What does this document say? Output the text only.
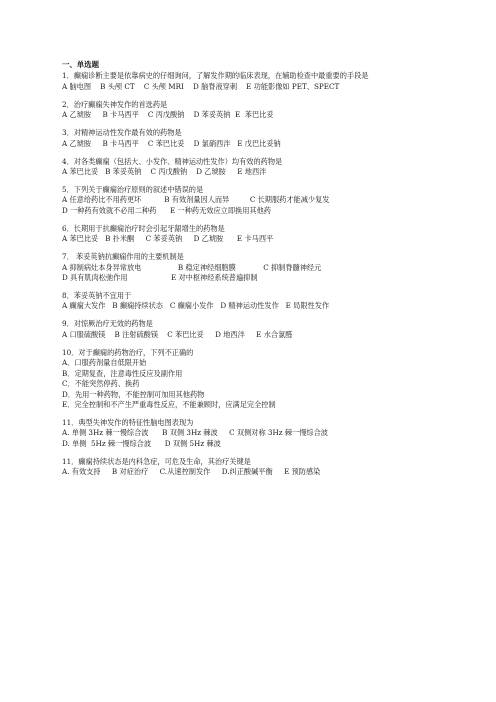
一、单选题
1．癫痫诊断主要是依靠病史的仔细询问，了解发作期的临床表现，在辅助检查中最重要的手段是
A 脑电图    B 头颅 CT    C 头颅 MRI    D 脑脊液穿刺    E 功能影像如 PET、SPECT
2．治疗癫痫失神发作的首选药是
A 乙琥胺     B 卡马西平    C 丙戊酸钠    D 苯妥英钠  E  苯巴比妥
3．对精神运动性发作最有效的药物是
A 乙琥胺     B 卡马西平    C 苯巴比妥    D 氯硝西泮   E 戊巴比妥钠
4．对各类癫痫（包括大、小发作、精神运动性发作）均有效的药物是
A 苯巴比妥   B 苯妥英钠    C 丙戊酸钠    D 乙琥胺     E 地西泮
5．下列关于癫痫治疗原则的叙述中错误的是
A 任意给药比不用药更坏          B 有效剂量因人而异         C 长期服药才能减少复发
D 一种药有效就不必用二种药      E 一种药无效应立即换用其他药
6．长期用于抗癫痫治疗时会引起牙龈增生的药物是
A 苯巴比妥   B 扑米酮     C 苯妥英钠     D 乙琥胺      E 卡马西平
7． 苯妥英钠抗癫痫作用的主要机制是
A 抑制病灶本身异常放电                B 稳定神经细胞膜            C 抑制脊髓神经元
D 具有肌肉松弛作用                   E 对中枢神经系统普遍抑制
8．苯妥英钠不宜用于
A 癫痫大发作   B 癫痫持续状态   C 癫痫小发作   D 精神运动性发作   E 局限性发作
9．对惊厥治疗无效的药物是
A 口服硫酸镁    B 注射硫酸镁    C 苯巴比妥     D 地西泮     E 水合氯醛
10．对于癫痫的药物治疗，下列不正确的
A．口服药剂量自低限开始
B．定期复查，注意毒性反应及副作用
C．不能突然停药、换药
D．先用一种药物，不能控制可加用其他药物
E．完全控制和不产生严重毒性反应，不能兼顾时，应满足完全控制
11．典型失神发作的特征性脑电图表现为
A. 单侧 3Hz 棘一慢综合波      B 双侧 3Hz 棘波     C 双侧对称 3Hz 棘一慢综合波
D. 单侧  5Hz 棘一慢综合波      D 双侧 5Hz 棘波
11．癫痫持续状态是内科急症，可危及生命，其治疗关键是
A. 有效支持     B 对症治疗     C.从速控制发作     D.纠正酸碱平衡     E 预防感染
